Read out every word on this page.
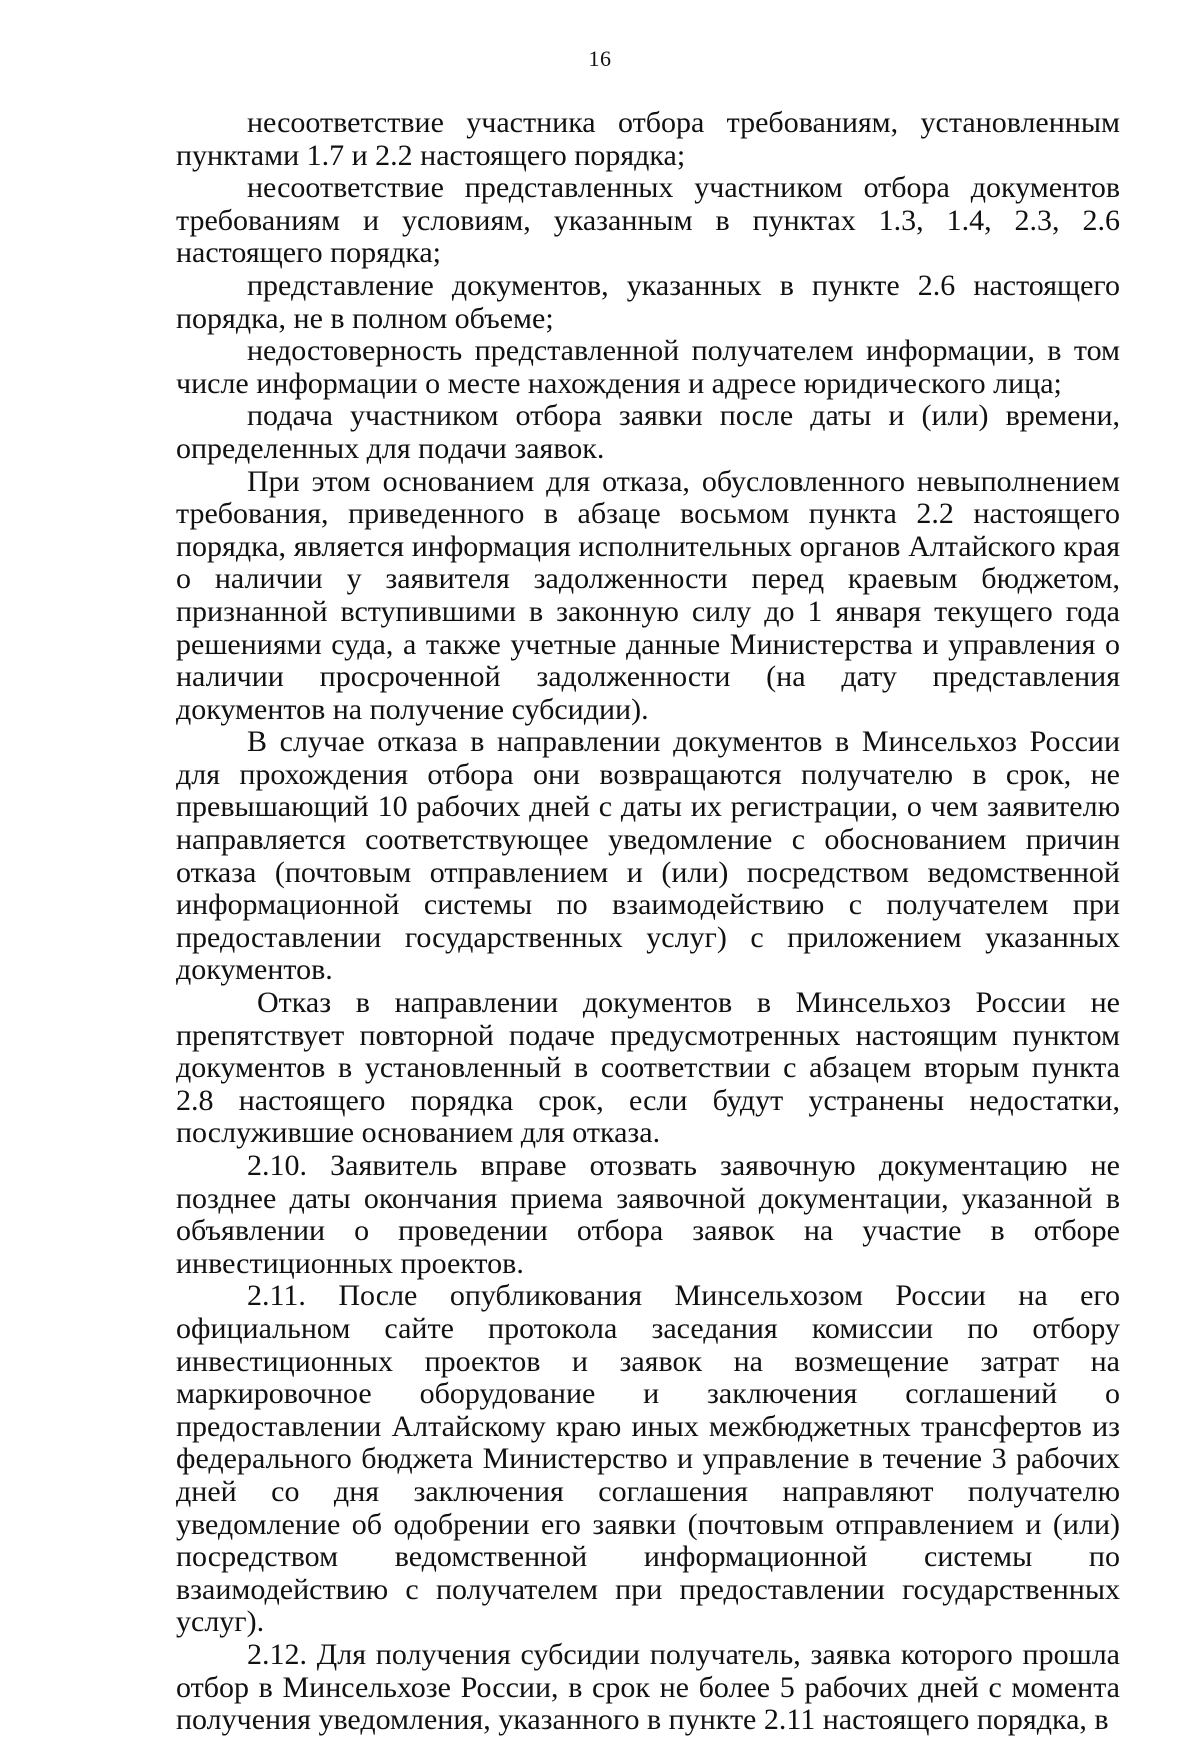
16

несоответствие участника отбора требованиям, установленным пунктами 1.7 и 2.2 настоящего порядка;

несоответствие представленных участником отбора документов требованиям и условиям, указанным в пунктах 1.3, 1.4, 2.3, 2.6 настоящего порядка;

представление документов, указанных в пункте 2.6 настоящего порядка, не в полном объеме;

недостоверность представленной получателем информации, в том числе информации о месте нахождения и адресе юридического лица;

подача участником отбора заявки после даты и (или) времени, определенных для подачи заявок.

При этом основанием для отказа, обусловленного невыполнением требования, приведенного в абзаце восьмом пункта 2.2 настоящего порядка, является информация исполнительных органов Алтайского края о наличии у заявителя задолженности перед краевым бюджетом, признанной вступившими в законную силу до 1 января текущего года решениями суда, а также учетные данные Министерства и управления о наличии просроченной задолженности (на дату представления документов на получение субсидии).

В случае отказа в направлении документов в Минсельхоз России для прохождения отбора они возвращаются получателю в срок, не превышающий 10 рабочих дней с даты их регистрации, о чем заявителю направляется соответствующее уведомление с обоснованием причин отказа (почтовым отправлением и (или) посредством ведомственной информационной системы по взаимодействию с получателем при предоставлении государственных услуг) с приложением указанных документов.

Отказ в направлении документов в Минсельхоз России не препятствует повторной подаче предусмотренных настоящим пунктом документов в установленный в соответствии с абзацем вторым пункта 2.8 настоящего порядка срок, если будут устранены недостатки, послужившие основанием для отказа.

2.10. Заявитель вправе отозвать заявочную документацию не позднее даты окончания приема заявочной документации, указанной в объявлении о проведении отбора заявок на участие в отборе инвестиционных проектов.

2.11. После опубликования Минсельхозом России на его официальном сайте протокола заседания комиссии по отбору инвестиционных проектов и заявок на возмещение затрат на маркировочное оборудование и заключения соглашений о предоставлении Алтайскому краю иных межбюджетных трансфертов из федерального бюджета Министерство и управление в течение 3 рабочих дней со дня заключения соглашения направляют получателю уведомление об одобрении его заявки (почтовым отправлением и (или) посредством ведомственной информационной системы по взаимодействию с получателем при предоставлении государственных услуг).

2.12. Для получения субсидии получатель, заявка которого прошла отбор в Минсельхозе России, в срок не более 5 рабочих дней с момента получения уведомления, указанного в пункте 2.11 настоящего порядка, в
